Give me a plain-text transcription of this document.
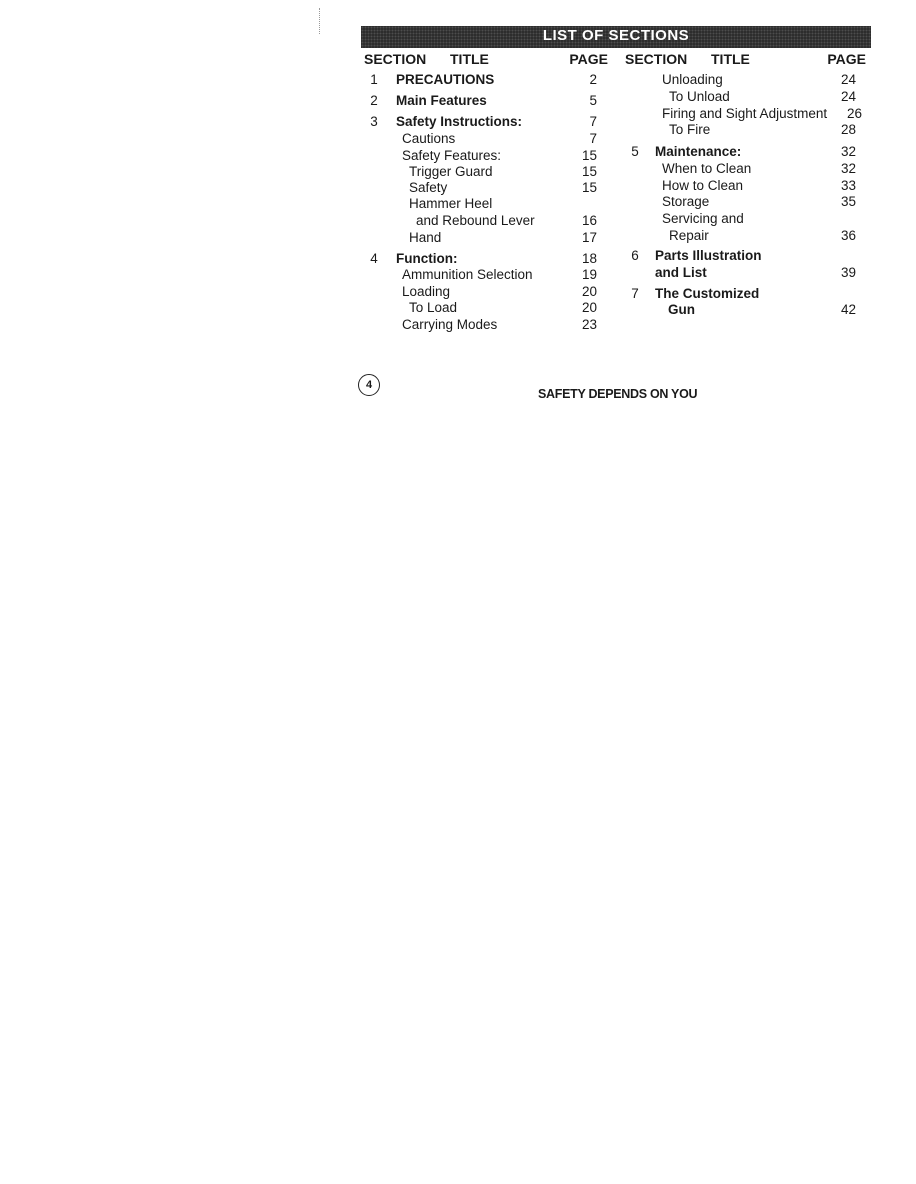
LIST OF SECTIONS
SECTION TITLE	PAGE SECTION TITLE	PAGE
1	PRECAUTIONS	2
2	Main Features	5
3	Safety Instructions:	7
Cautions	7
Safety Features:	15
Trigger Guard	15
Safety	15
Hammer Heel
and Rebound Lever	16
Hand	17
4	Function:	18
Ammunition Selection	19
Loading	20
To Load	20
Carrying Modes	23
Unloading	24
To Unload	24
Firing and Sight Adjustment 26
To Fire	28
5	Maintenance:	32
When to Clean	32
How to Clean	33
Storage	35
Servicing and
Repair	36
6	Parts Illustration
and List	39
7	The Customized
Gun	42
4
SAFETY DEPENDS ON YOU
